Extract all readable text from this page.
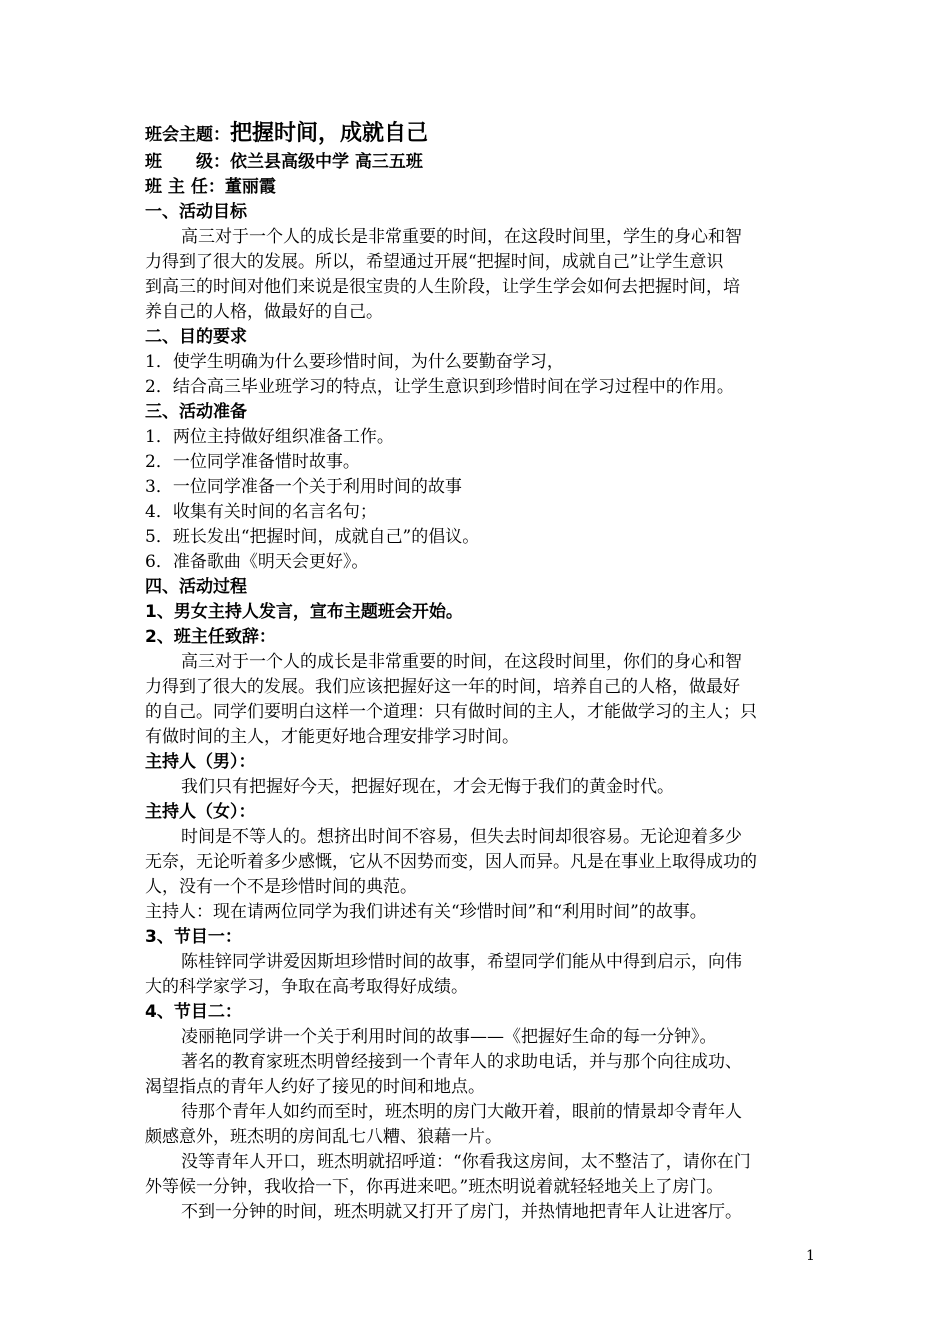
班会主题：把握时间，成就自己
班 级：依兰县高级中学 高三五班
班 主 任：董丽霞
一、活动目标
高三对于一个人的成长是非常重要的时间，在这段时间里，学生的身心和智
力得到了很大的发展。所以，希望通过开展“把握时间，成就自己”让学生意识
到高三的时间对他们来说是很宝贵的人生阶段，让学生学会如何去把握时间，培
养自己的人格，做最好的自己。
二、目的要求
1．使学生明确为什么要珍惜时间，为什么要勤奋学习，
2．结合高三毕业班学习的特点，让学生意识到珍惜时间在学习过程中的作用。
三、活动准备
1．两位主持做好组织准备工作。
2．一位同学准备惜时故事。
3．一位同学准备一个关于利用时间的故事
4．收集有关时间的名言名句；
5．班长发出“把握时间，成就自己”的倡议。
6．准备歌曲《明天会更好》。
四、活动过程
1、男女主持人发言，宣布主题班会开始。
2、班主任致辞：
高三对于一个人的成长是非常重要的时间，在这段时间里，你们的身心和智
力得到了很大的发展。我们应该把握好这一年的时间，培养自己的人格，做最好
的自己。同学们要明白这样一个道理：只有做时间的主人，才能做学习的主人；只
有做时间的主人，才能更好地合理安排学习时间。
主持人（男）：
我们只有把握好今天，把握好现在，才会无悔于我们的黄金时代。
主持人（女）：
时间是不等人的。想挤出时间不容易，但失去时间却很容易。无论迎着多少
无奈，无论听着多少感慨，它从不因势而变，因人而异。凡是在事业上取得成功的
人，没有一个不是珍惜时间的典范。
主持人：现在请两位同学为我们讲述有关“珍惜时间”和“利用时间”的故事。
3、节目一：
陈桂锌同学讲爱因斯坦珍惜时间的故事，希望同学们能从中得到启示，向伟
大的科学家学习，争取在高考取得好成绩。
4、节目二：
凌丽艳同学讲一个关于利用时间的故事——《把握好生命的每一分钟》。
著名的教育家班杰明曾经接到一个青年人的求助电话，并与那个向往成功、
渴望指点的青年人约好了接见的时间和地点。
待那个青年人如约而至时，班杰明的房门大敞开着，眼前的情景却令青年人
颇感意外，班杰明的房间乱七八糟、狼藉一片。
没等青年人开口，班杰明就招呼道：“你看我这房间，太不整洁了，请你在门
外等候一分钟，我收拾一下，你再进来吧。”班杰明说着就轻轻地关上了房门。
不到一分钟的时间，班杰明就又打开了房门，并热情地把青年人让进客厅。
1
